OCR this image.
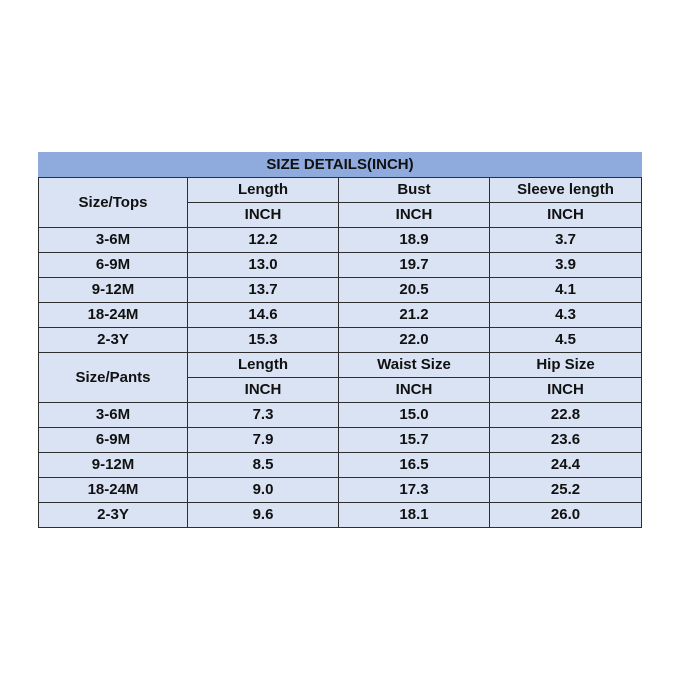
SIZE DETAILS(INCH)			
Size/Tops	Length	Bust	Sleeve length
	INCH	INCH	INCH
3-6M	12.2	18.9	3.7
6-9M	13.0	19.7	3.9
9-12M	13.7	20.5	4.1
18-24M	14.6	21.2	4.3
2-3Y	15.3	22.0	4.5
Size/Pants	Length	Waist Size	Hip Size
	INCH	INCH	INCH
3-6M	7.3	15.0	22.8
6-9M	7.9	15.7	23.6
9-12M	8.5	16.5	24.4
18-24M	9.0	17.3	25.2
2-3Y	9.6	18.1	26.0
